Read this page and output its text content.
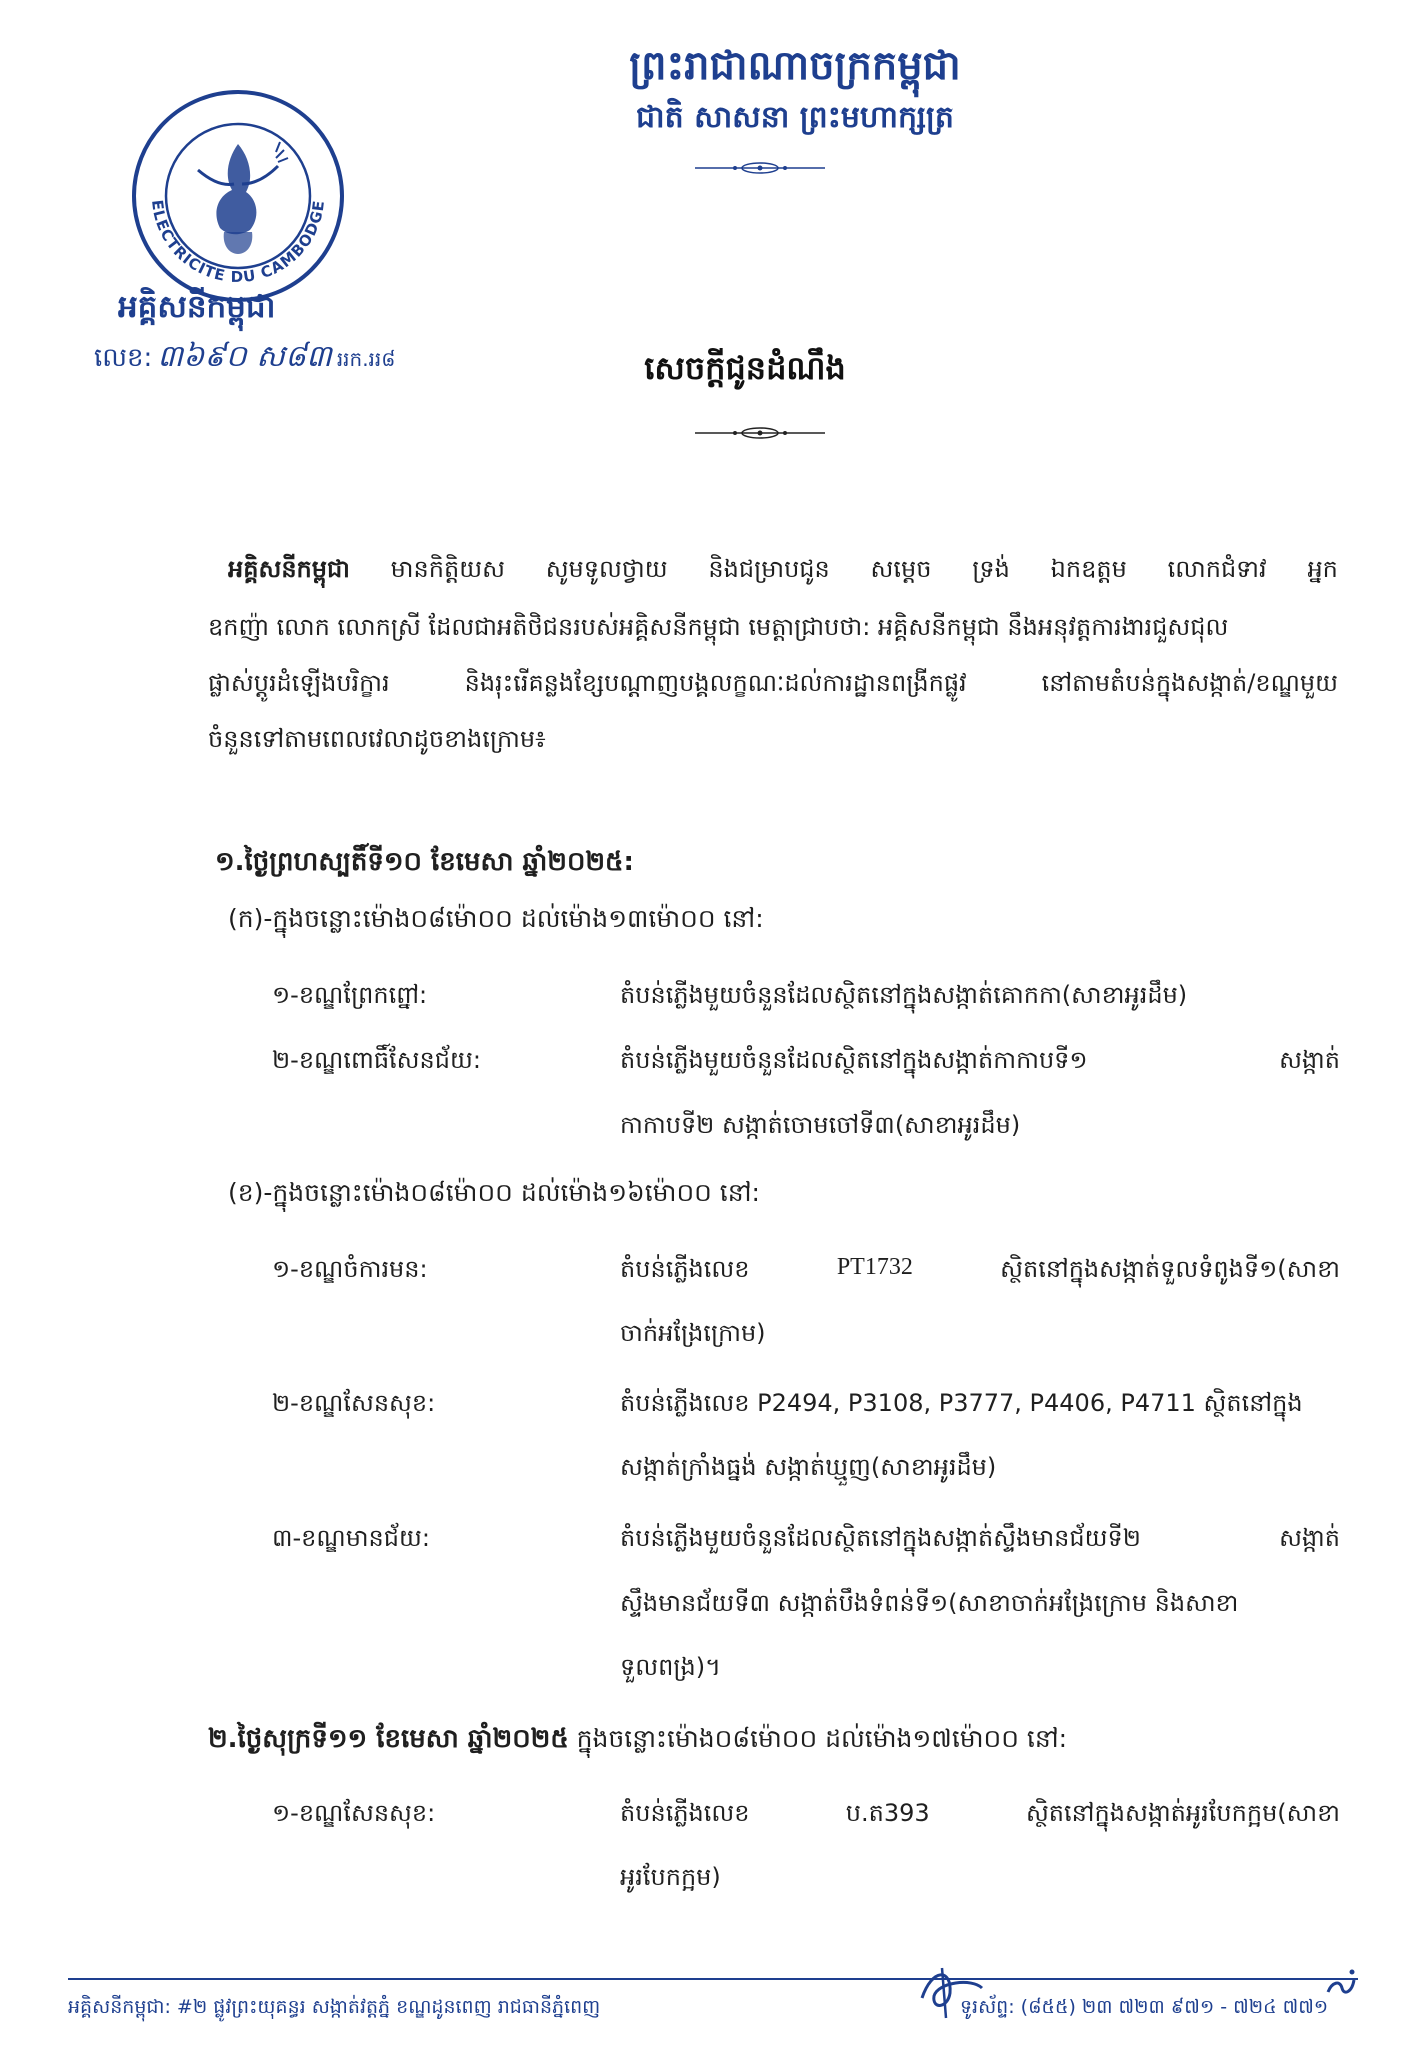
ព្រះរាជាណាចក្រកម្ពុជា
ជាតិ សាសនា ព្រះមហាក្សត្រ
ELECTRICITE DU CAMBODGE
អគ្គិសនីកម្ពុជា
លេខ: ៣៦៩០ ស៨៣ ររក.ររ៨	សេចក្តីជូនដំណឹង
អគ្គិសនីកម្ពុជា មានកិត្តិយស សូមទូលថ្វាយ និងជម្រាបជូន សម្តេច ទ្រង់ ឯកឧត្តម លោកជំទាវ អ្នក
ឧកញ៉ា លោក លោកស្រី ដែលជាអតិថិជនរបស់អគ្គិសនីកម្ពុជា មេត្តាជ្រាបថា: អគ្គិសនីកម្ពុជា នឹងអនុវត្តការងារជួសជុល
ផ្លាស់ប្តូរដំឡើងបរិក្ខារ	និងរុះរើគន្លងខ្សែបណ្តាញបង្គលក្ខណៈដល់ការដ្ឋានពង្រីកផ្លូវ	នៅតាមតំបន់ក្នុងសង្កាត់/ខណ្ឌមួយ
ចំនួនទៅតាមពេលវេលាដូចខាងក្រោម៖
១.ថ្ងៃព្រហស្បតិ៍ទី១០ ខែមេសា ឆ្នាំ២០២៥:
(ក)-ក្នុងចន្លោះម៉ោង០៨ម៉ោ០០ ដល់ម៉ោង១៣ម៉ោ០០ នៅ:
១-ខណ្ឌព្រែកព្នៅ:	តំបន់ភ្លើងមួយចំនួនដែលស្ថិតនៅក្នុងសង្កាត់គោកកា(សាខាអូរដឹម)
២-ខណ្ឌពោធិ៍សែនជ័យ:	តំបន់ភ្លើងមួយចំនួនដែលស្ថិតនៅក្នុងសង្កាត់កាកាបទី១	សង្កាត់
កាកាបទី២ សង្កាត់ចោមចៅទី៣(សាខាអូរដឹម)
(ខ)-ក្នុងចន្លោះម៉ោង០៨ម៉ោ០០ ដល់ម៉ោង១៦ម៉ោ០០ នៅ:
១-ខណ្ឌចំការមន:	តំបន់ភ្លើងលេខ	PT1732	ស្ថិតនៅក្នុងសង្កាត់ទួលទំពូងទី១(សាខា
ចាក់អង្រែក្រោម)
២-ខណ្ឌសែនសុខ:	តំបន់ភ្លើងលេខ P2494, P3108, P3777, P4406, P4711 ស្ថិតនៅក្នុង
សង្កាត់ក្រាំងធ្នង់ សង្កាត់ឃ្មួញ(សាខាអូរដឹម)
៣-ខណ្ឌមានជ័យ:	តំបន់ភ្លើងមួយចំនួនដែលស្ថិតនៅក្នុងសង្កាត់ស្ទឹងមានជ័យទី២	សង្កាត់
ស្ទឹងមានជ័យទី៣ សង្កាត់បឹងទំពន់ទី១(សាខាចាក់អង្រែក្រោម និងសាខា
ទួលពង្រ)។
២.ថ្ងៃសុក្រទី១១ ខែមេសា ឆ្នាំ២០២៥ ក្នុងចន្លោះម៉ោង០៨ម៉ោ០០ ដល់ម៉ោង១៧ម៉ោ០០ នៅ:
១-ខណ្ឌសែនសុខ:	តំបន់ភ្លើងលេខ	ប.ត393	ស្ថិតនៅក្នុងសង្កាត់អូរបែកក្អម(សាខា
អូរបែកក្អម)
អគ្គិសនីកម្ពុជា: #២ ផ្លូវព្រះយុគន្ធរ សង្កាត់វត្តភ្នំ ខណ្ឌដូនពេញ រាជធានីភ្នំពេញ	ទូរស័ព្ទ: (៨៥៥) ២៣ ៧២៣ ៩៧១ - ៧២៤ ៧៧១
